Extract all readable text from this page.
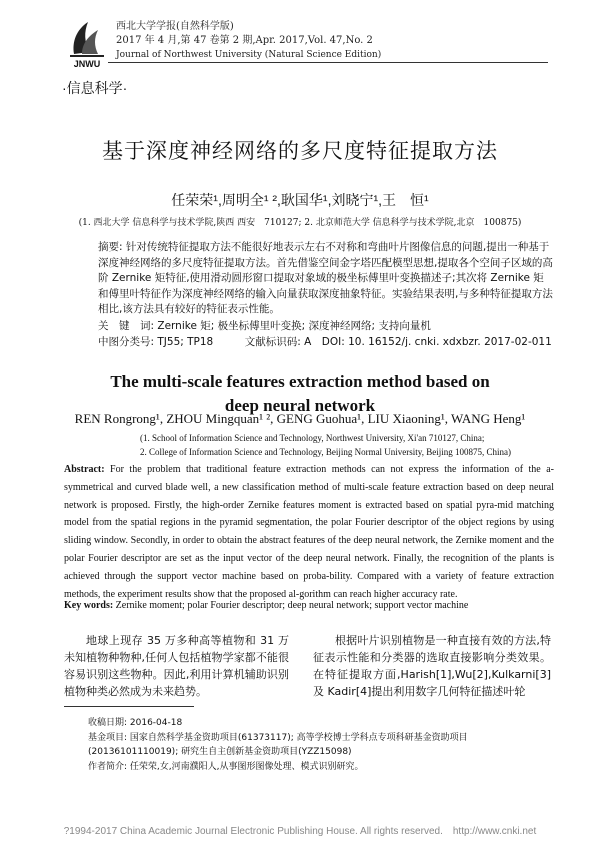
JNWU
西北大学学报(自然科学版)
2017 年 4 月,第 47 卷第 2 期,Apr. 2017,Vol. 47,No. 2
Journal of Northwest University (Natural Science Edition)
·信息科学·
基于深度神经网络的多尺度特征提取方法
任荣荣¹,周明全¹ ²,耿国华¹,刘晓宁¹,王　恒¹
(1. 西北大学 信息科学与技术学院,陕西 西安　710127; 2. 北京师范大学 信息科学与技术学院,北京　100875)
摘要: 针对传统特征提取方法不能很好地表示左右不对称和弯曲叶片图像信息的问题,提出一种基于深度神经网络的多尺度特征提取方法。首先借鉴空间金字塔匹配模型思想,提取各个空间子区域的高阶 Zernike 矩特征,使用滑动圆形窗口提取对象域的极坐标傅里叶变换描述子;其次将 Zernike 矩和傅里叶特征作为深度神经网络的输入向量获取深度抽象特征。实验结果表明,与多种特征提取方法相比,该方法具有较好的特征表示性能。
关　键　词: Zernike 矩; 极坐标傅里叶变换; 深度神经网络; 支持向量机
中图分类号: TJ55; TP18　　　文献标识码: A　DOI: 10. 16152/j. cnki. xdxbzr. 2017-02-011
The multi-scale features extraction method based on
deep neural network
REN Rongrong¹, ZHOU Mingquan¹ ², GENG Guohua¹, LIU Xiaoning¹, WANG Heng¹
(1. School of Information Science and Technology, Northwest University, Xi'an 710127, China;
2. College of Information Science and Technology, Beijing Normal University, Beijing 100875, China)
Abstract: For the problem that traditional feature extraction methods can not express the information of the a-symmetrical and curved blade well, a new classification method of multi-scale feature extraction based on deep neural network is proposed. Firstly, the high-order Zernike features moment is extracted based on spatial pyra-mid matching model from the spatial regions in the pyramid segmentation, the polar Fourier descriptor of the object regions by using sliding window. Secondly, in order to obtain the abstract features of the deep neural network, the Zernike moment and the polar Fourier descriptor are set as the input vector of the deep neural network. Finally, the recognition of the plants is achieved through the support vector machine based on proba-bility. Compared with a variety of feature extraction methods, the experiment results show that the proposed al-gorithm can reach higher accuracy rate.
Key words: Zernike moment; polar Fourier descriptor; deep neural network; support vector machine
地球上现存 35 万多种高等植物和 31 万未知植物种物种,任何人包括植物学家都不能很容易识别这些物种。因此,利用计算机辅助识别植物种类必然成为未来趋势。
根据叶片识别植物是一种直接有效的方法,特征表示性能和分类器的选取直接影响分类效果。在特征提取方面,Harish[1],Wu[2],Kulkarni[3]及 Kadir[4]提出利用数字几何特征描述叶轮
收稿日期: 2016-04-18
基金项目: 国家自然科学基金资助项目(61373117); 高等学校博士学科点专项科研基金资助项目(20136101110019); 研究生自主创新基金资助项目(YZZ15098)
作者简介: 任荣荣,女,河南濮阳人,从事图形图像处理、模式识别研究。
?1994-2017 China Academic Journal Electronic Publishing House. All rights reserved.　http://www.cnki.net
